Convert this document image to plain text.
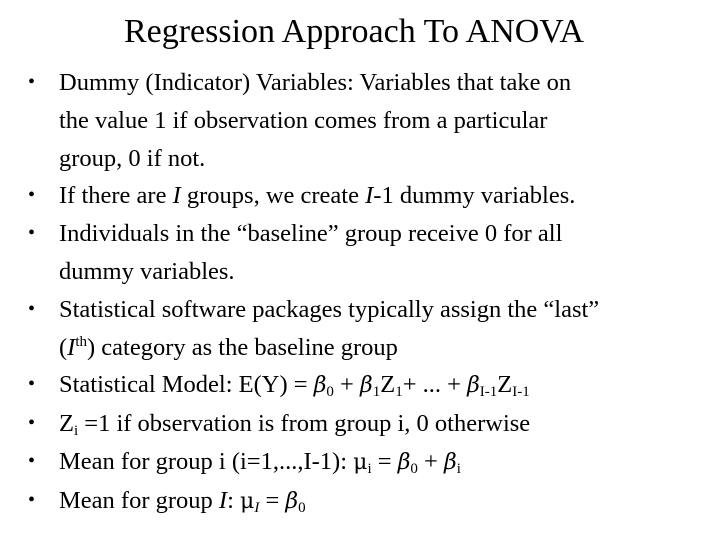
Regression Approach To ANOVA
• Dummy (Indicator) Variables: Variables that take on
the value 1 if observation comes from a particular
group, 0 if not.
• If there are I groups, we create I-1 dummy variables.
• Individuals in the “baseline” group receive 0 for all
dummy variables.
• Statistical software packages typically assign the “last”
(Ith) category as the baseline group
• Statistical Model: $E(Y) = \beta_0 + \beta_1Z_1+$ ... + $\beta_{I-1}Z_{I-1}$
• $Z_i =1$ if observation is from group i, 0 otherwise
• Mean for group i (i=1,...,I-1): $\mu_i = \beta_0 + \beta_i$
• Mean for group I: $\mu_I = \beta_0$
